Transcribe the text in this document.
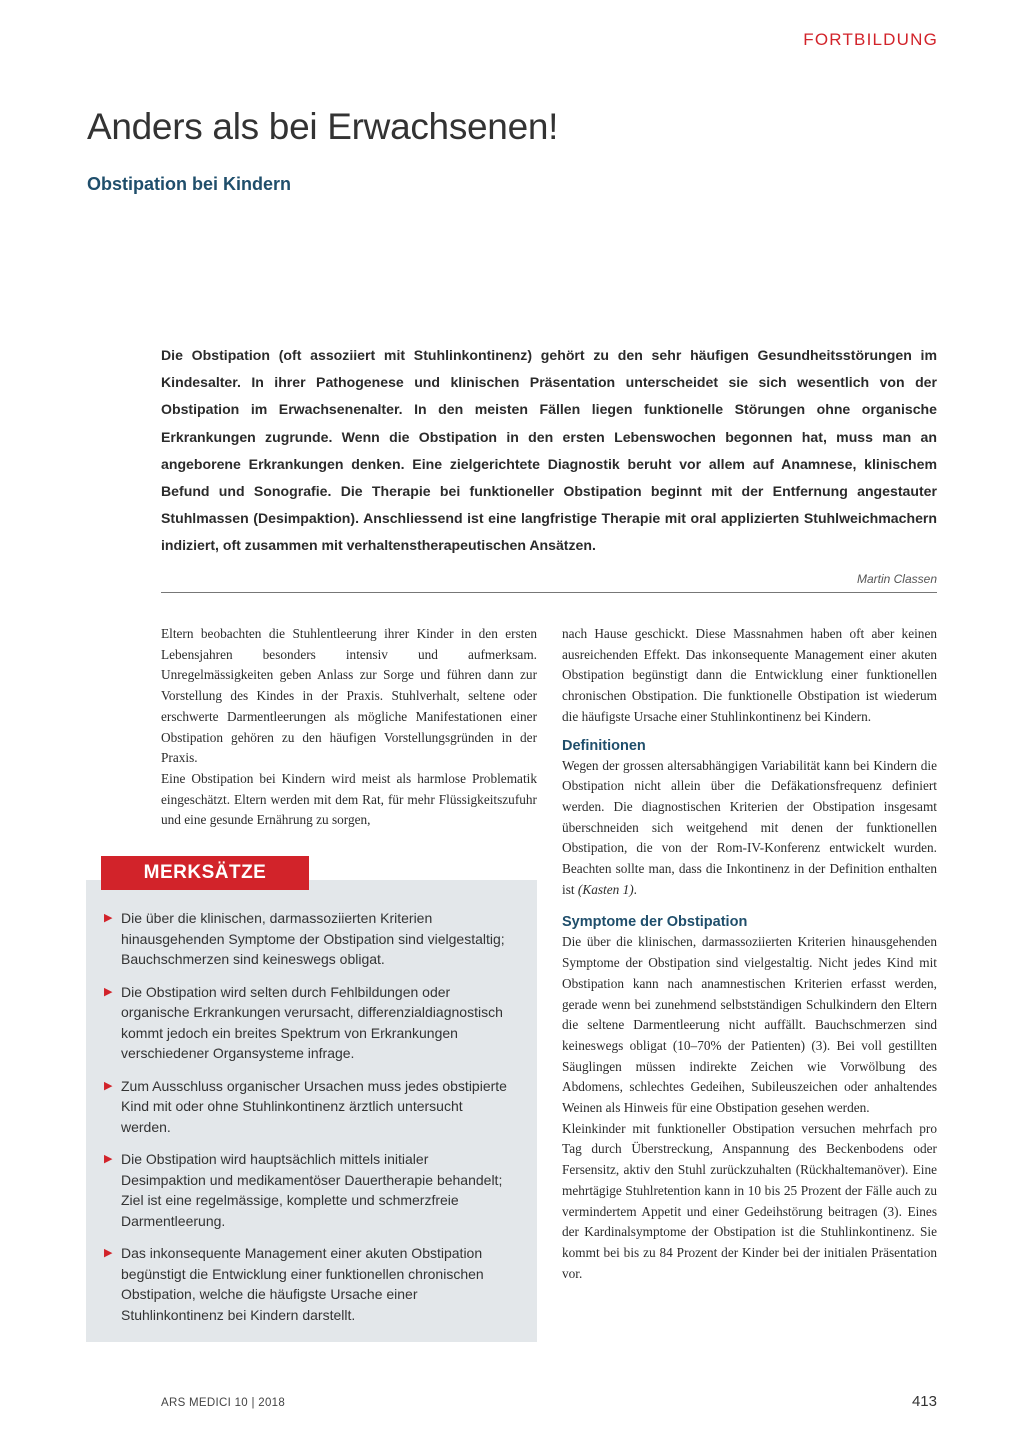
FORTBILDUNG
Anders als bei Erwachsenen!
Obstipation bei Kindern

Die Obstipation (oft assoziiert mit Stuhlinkontinenz) gehört zu den sehr häufigen Gesundheitsstörungen im Kindesalter. In ihrer Pathogenese und klinischen Präsentation unterscheidet sie sich wesentlich von der Obstipation im Erwachsenenalter. In den meisten Fällen liegen funktionelle Störungen ohne organische Erkrankungen zugrunde. Wenn die Obstipation in den ersten Lebenswochen begonnen hat, muss man an angeborene Erkrankungen denken. Eine zielgerichtete Diagnostik beruht vor allem auf Anamnese, klinischem Befund und Sonografie. Die Therapie bei funktioneller Obstipation beginnt mit der Entfernung angestauter Stuhlmassen (Desimpaktion). Anschliessend ist eine langfristige Therapie mit oral applizierten Stuhlweichmachern indiziert, oft zusammen mit verhaltenstherapeutischen Ansätzen.

Martin Classen

Eltern beobachten die Stuhlentleerung ihrer Kinder in den ersten Lebensjahren besonders intensiv und aufmerksam. Unregelmässigkeiten geben Anlass zur Sorge und führen dann zur Vorstellung des Kindes in der Praxis. Stuhlverhalt, seltene oder erschwerte Darmentleerungen als mögliche Manifestationen einer Obstipation gehören zu den häufigen Vorstellungsgründen in der Praxis.

Eine Obstipation bei Kindern wird meist als harmlose Problematik eingeschätzt. Eltern werden mit dem Rat, für mehr Flüssigkeitszufuhr und eine gesunde Ernährung zu sorgen,

▶ Die über die klinischen, darmassoziierten Kriterien hinausgehenden Symptome der Obstipation sind vielgestaltig; Bauchschmerzen sind keineswegs obligat.
▶ Die Obstipation wird selten durch Fehlbildungen oder organische Erkrankungen verursacht, differenzialdiagnostisch kommt jedoch ein breites Spektrum von Erkrankungen verschiedener Organsysteme infrage.
▶ Zum Ausschluss organischer Ursachen muss jedes obstipierte Kind mit oder ohne Stuhlinkontinenz ärztlich untersucht werden.
▶ Die Obstipation wird hauptsächlich mittels initialer Desimpaktion und medikamentöser Dauertherapie behandelt; Ziel ist eine regelmässige, komplette und schmerzfreie Darmentleerung.
▶ Das inkonsequente Management einer akuten Obstipation begünstigt die Entwicklung einer funktionellen chronischen Obstipation, welche die häufigste Ursache einer Stuhlinkontinenz bei Kindern darstellt.
MERKSÄTZE

nach Hause geschickt. Diese Massnahmen haben oft aber keinen ausreichenden Effekt. Das inkonsequente Management einer akuten Obstipation begünstigt dann die Entwicklung einer funktionellen chronischen Obstipation. Die funktionelle Obstipation ist wiederum die häufigste Ursache einer Stuhlinkontinenz bei Kindern.

Definitionen

Wegen der grossen altersabhängigen Variabilität kann bei Kindern die Obstipation nicht allein über die Defäkationsfrequenz definiert werden. Die diagnostischen Kriterien der Obstipation insgesamt überschneiden sich weitgehend mit denen der funktionellen Obstipation, die von der Rom-IV-Konferenz entwickelt wurden. Beachten sollte man, dass die Inkontinenz in der Definition enthalten ist (Kasten 1).

Symptome der Obstipation

Die über die klinischen, darmassoziierten Kriterien hinausgehenden Symptome der Obstipation sind vielgestaltig. Nicht jedes Kind mit Obstipation kann nach anamnestischen Kriterien erfasst werden, gerade wenn bei zunehmend selbstständigen Schulkindern den Eltern die seltene Darmentleerung nicht auffällt. Bauchschmerzen sind keineswegs obligat (10–70% der Patienten) (3). Bei voll gestillten Säuglingen müssen indirekte Zeichen wie Vorwölbung des Abdomens, schlechtes Gedeihen, Subileuszeichen oder anhaltendes Weinen als Hinweis für eine Obstipation gesehen werden.

Kleinkinder mit funktioneller Obstipation versuchen mehrfach pro Tag durch Überstreckung, Anspannung des Beckenbodens oder Fersensitz, aktiv den Stuhl zurückzuhalten (Rückhaltemanöver). Eine mehrtägige Stuhlretention kann in 10 bis 25 Prozent der Fälle auch zu vermindertem Appetit und einer Gedeihstörung beitragen (3). Eines der Kardinalsymptome der Obstipation ist die Stuhlinkontinenz. Sie kommt bei bis zu 84 Prozent der Kinder bei der initialen Präsentation vor.

ARS MEDICI 10 | 2018	413
